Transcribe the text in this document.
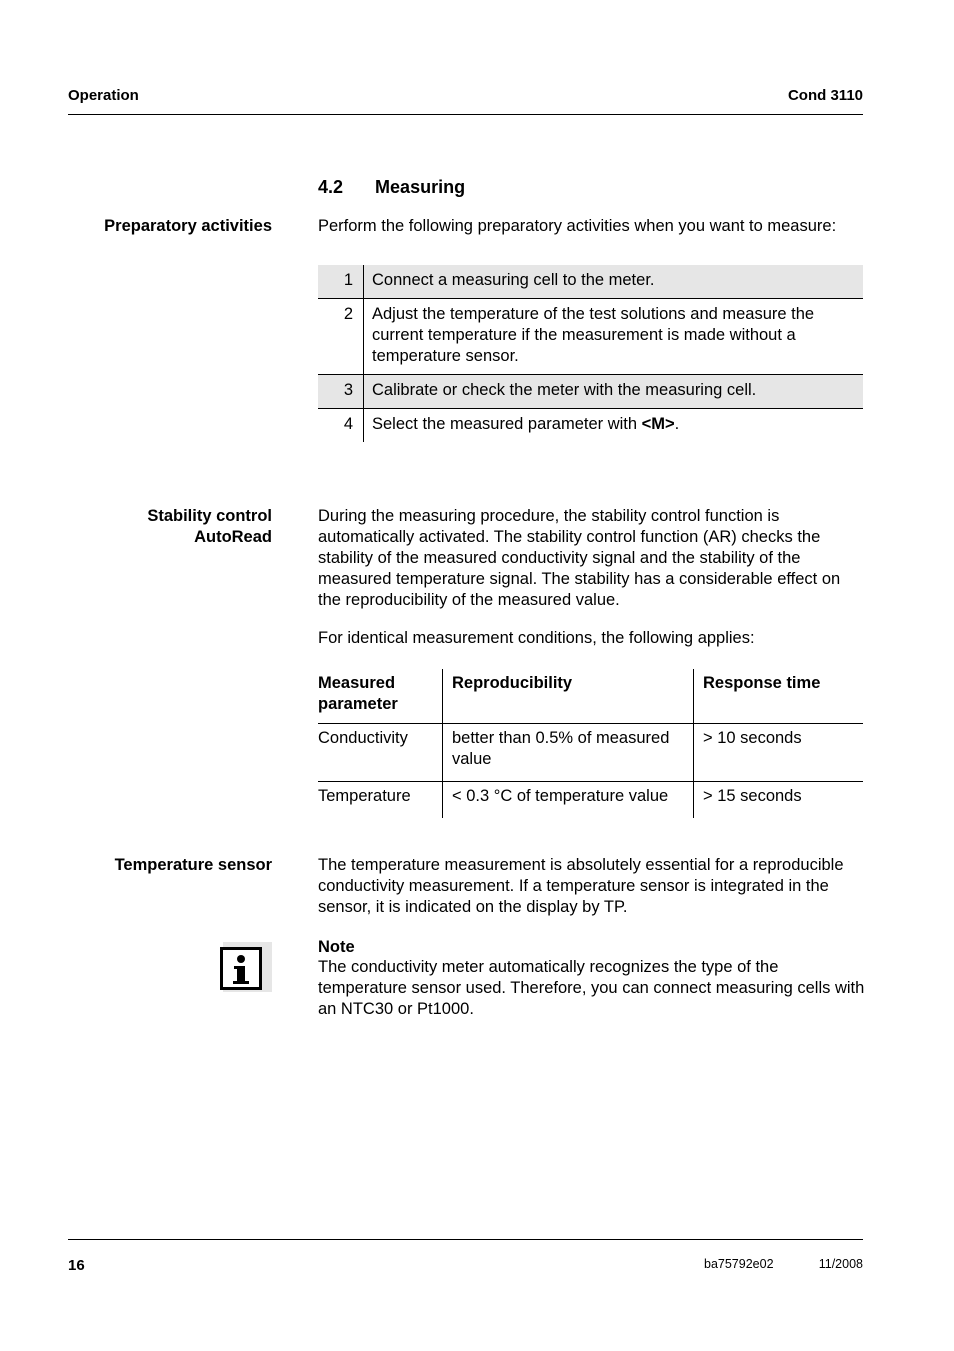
Operation	Cond 3110
4.2 Measuring
Preparatory activities	Perform the following preparatory activities when you want to measure:
1	Connect a measuring cell to the meter.
2	Adjust the temperature of the test solutions and measure the current temperature if the measurement is made without a temperature sensor.
3	Calibrate or check the meter with the measuring cell.
4	Select the measured parameter with <M>.
Stability control
AutoRead
During the measuring procedure, the stability control function is automatically activated. The stability control function (AR) checks the stability of the measured conductivity signal and the stability of the measured temperature signal. The stability has a considerable effect on the reproducibility of the measured value.
For identical measurement conditions, the following applies:
Measured parameter	Reproducibility	Response time
Conductivity	better than 0.5% of measured value	> 10 seconds
Temperature	< 0.3 °C of temperature value	> 15 seconds
Temperature sensor	The temperature measurement is absolutely essential for a reproducible conductivity measurement. If a temperature sensor is integrated in the sensor, it is indicated on the display by TP.
Note
The conductivity meter automatically recognizes the type of the temperature sensor used. Therefore, you can connect measuring cells with an NTC30 or Pt1000.
16	ba75792e02	11/2008
